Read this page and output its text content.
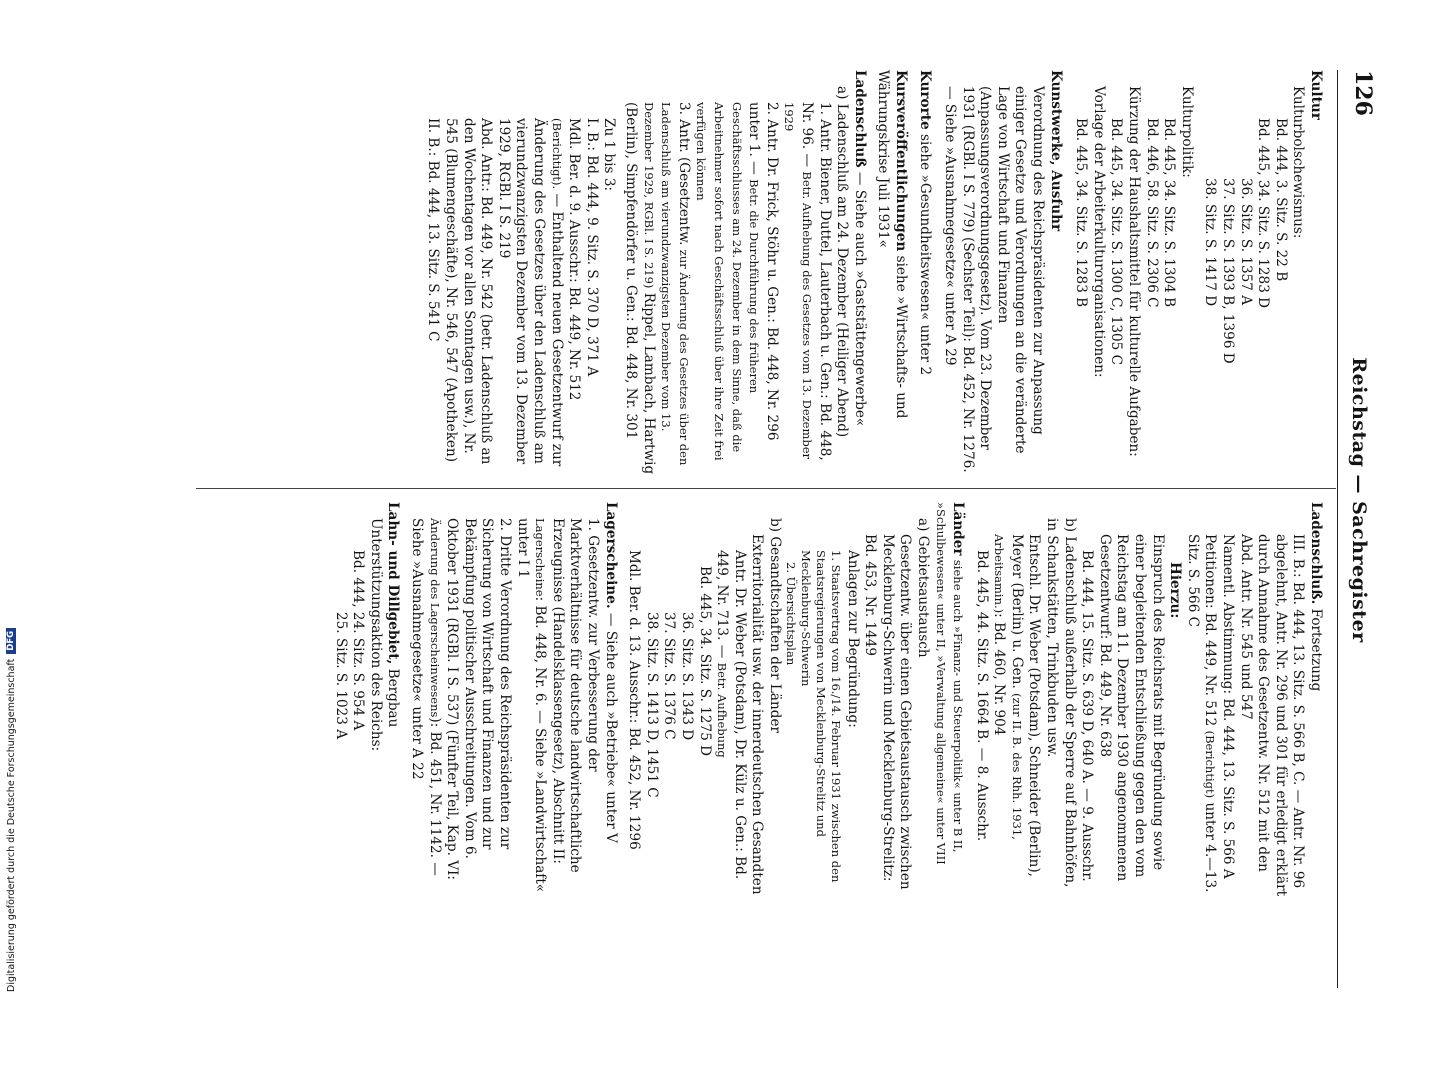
126
Reichstag — Sachregister

Kultur

Kulturbolschewismus:

Bd. 444, 3. Sitz. S. 22 B

Bd. 445, 34. Sitz. S. 1283 D

36. Sitz. S. 1357 A

37. Sitz. S. 1393 B, 1396 D

38. Sitz. S. 1417 D

Kulturpolitik:

Bd. 445, 34. Sitz. S. 1304 B

Bd. 446, 58. Sitz. S. 2306 C

Kürzung der Haushaltsmittel für kulturelle Aufgaben:

Bd. 445, 34. Sitz. S. 1300 C, 1305 C

Vorlage der Arbeiterkulturorganisationen:

Bd. 445, 34. Sitz. S. 1283 B

Kunstwerke, Ausfuhr

Verordnung des Reichspräsidenten zur Anpassung einiger Gesetze und Verordnungen an die veränderte Lage von Wirtschaft und Finanzen (Anpassungsverordnungsgesetz). Vom 23. Dezember 1931 (RGBl. I S. 779) (Sechster Teil): Bd. 452, Nr. 1276. — Siehe »Ausnahmegesetze« unter A 29

Kurorte siehe »Gesundheitswesen« unter 2

Kursveröffentlichungen siehe »Wirtschafts- und Währungskrise Juli 1931«

Ladenschluß — Siehe auch »Gaststättengewerbe«

a) Ladenschluß am 24. Dezember (Heiliger Abend)

1. Antr. Biener, Duttel, Lauterbach u. Gen.: Bd. 448, Nr. 96. — Betr. Aufhebung des Gesetzes vom 13. Dezember 1929

2. Antr. Dr. Frick, Stöhr u. Gen.: Bd. 448, Nr. 296 unter 1. — Betr. die Durchführung des früheren Geschäftsschlusses am 24. Dezember in dem Sinne, daß die Arbeitnehmer sofort nach Geschäftsschluß über ihre Zeit frei verfügen können

3. Antr. (Gesetzentw. zur Änderung des Gesetzes über den Ladenschluß am vierundzwanzigsten Dezember vom 13. Dezember 1929, RGBl. I S. 219) Rippel, Lambach, Hartwig (Berlin), Simpfendörfer u. Gen.: Bd. 448, Nr. 301

Zu 1 bis 3:

I. B.: Bd. 444, 9. Sitz. S. 370 D, 371 A

Mdl. Ber. d. 9. Ausschr.: Bd. 449, Nr. 512 (Berichtigt). — Enthaltend neuen Gesetzentwurf zur Änderung des Gesetzes über den Ladenschluß am vierundzwanzigsten Dezember vom 13. Dezember 1929, RGBl. I S. 219

Abd. Antr.: Bd. 449, Nr. 542 (betr. Ladenschluß an den Wochentagen vor allen Sonntagen usw.), Nr. 545 (Blumengeschäfte), Nr. 546, 547 (Apotheken)

II. B.: Bd. 444, 13. Sitz. S. 541 C

Ladenschluß. Fortsetzung

III. B.: Bd. 444, 13. Sitz. S. 566 B, C. — Antr. Nr. 96 abgelehnt, Antr. Nr. 296 und 301 für erledigt erklärt durch Annahme des Gesetzentw. Nr. 512 mit den Abd. Antr. Nr. 545 und 547

Namentl. Abstimmung: Bd. 444, 13. Sitz. S. 566 A

Petitionen: Bd. 449, Nr. 512 (Berichtigt) unter 4.—13. Sitz. S. 566 C

Hierzu:

Einspruch des Reichsrats mit Begründung sowie einer begleitenden Entschließung gegen den vom Reichstag am 11. Dezember 1930 angenommenen Gesetzentwurf: Bd. 449, Nr. 638

Bd. 444, 15. Sitz. S. 639 D, 640 A. — 9. Ausschr.

b) Ladenschluß außerhalb der Sperre auf Bahnhöfen, in Schankstätten, Trinkbuden usw.

Entschl. Dr. Weber (Potsdam), Schneider (Berlin), Meyer (Berlin) u. Gen. (zur II. B. des Rhh. 1931, Arbeitsamin.): Bd. 460, Nr. 904

Bd. 445, 44. Sitz. S. 1664 B. — 8. Ausschr.

Länder siehe auch »Finanz- und Steuerpolitik« unter B II, »Schulbewesen« unter II, »Verwaltung allgemeine« unter VIII

a) Gebietsaustausch

Gesetzentw. über einen Gebietsaustausch zwischen Mecklenburg-Schwerin und Mecklenburg-Strelitz: Bd. 453, Nr. 1449

Anlagen zur Begründung:

1. Staatsvertrag vom 16./14. Februar 1931 zwischen den Staatsregierungen von Mecklenburg-Strelitz und Mecklenburg-Schwerin

2. Übersichtsplan

b) Gesandtschaften der Länder

Exterritorialität usw. der innerdeutschen Gesandten

Antr. Dr. Weber (Potsdam), Dr. Külz u. Gen.: Bd. 449, Nr. 713. — Betr. Aufhebung

Bd. 445, 34. Sitz. S. 1275 D

36. Sitz. S. 1343 D

37. Sitz. S. 1376 C

38. Sitz. S. 1413 D, 1451 C

Mdl. Ber. d. 13. Ausschr.: Bd. 452, Nr. 1296

Lagerscheine. — Siehe auch »Betriebe« unter V

1. Gesetzentw. zur Verbesserung der Marktverhältnisse für deutsche landwirtschaftliche Erzeugnisse (Handelsklassengesetz), Abschnitt II: Lagerscheine: Bd. 448, Nr. 6. — Siehe »Landwirtschaft« unter I 1

2. Dritte Verordnung des Reichspräsidenten zur Sicherung von Wirtschaft und Finanzen und zur Bekämpfung politischer Ausschreitungen. Vom 6. Oktober 1931 (RGBl. I S. 537) (Fünfter Teil, Kap. VI: Änderung des Lagerscheinwesens): Bd. 451, Nr. 1142. — Siehe »Ausnahmegesetze« unter A 22

Lahn- und Dillgebiet, Bergbau

Unterstützungsaktion des Reichs:

Bd. 444, 24. Sitz. S. 954 A

25. Sitz. S. 1023 A

Digitalisierung gefördert durch die Deutsche Forschungsgemeinschaft
DFG
